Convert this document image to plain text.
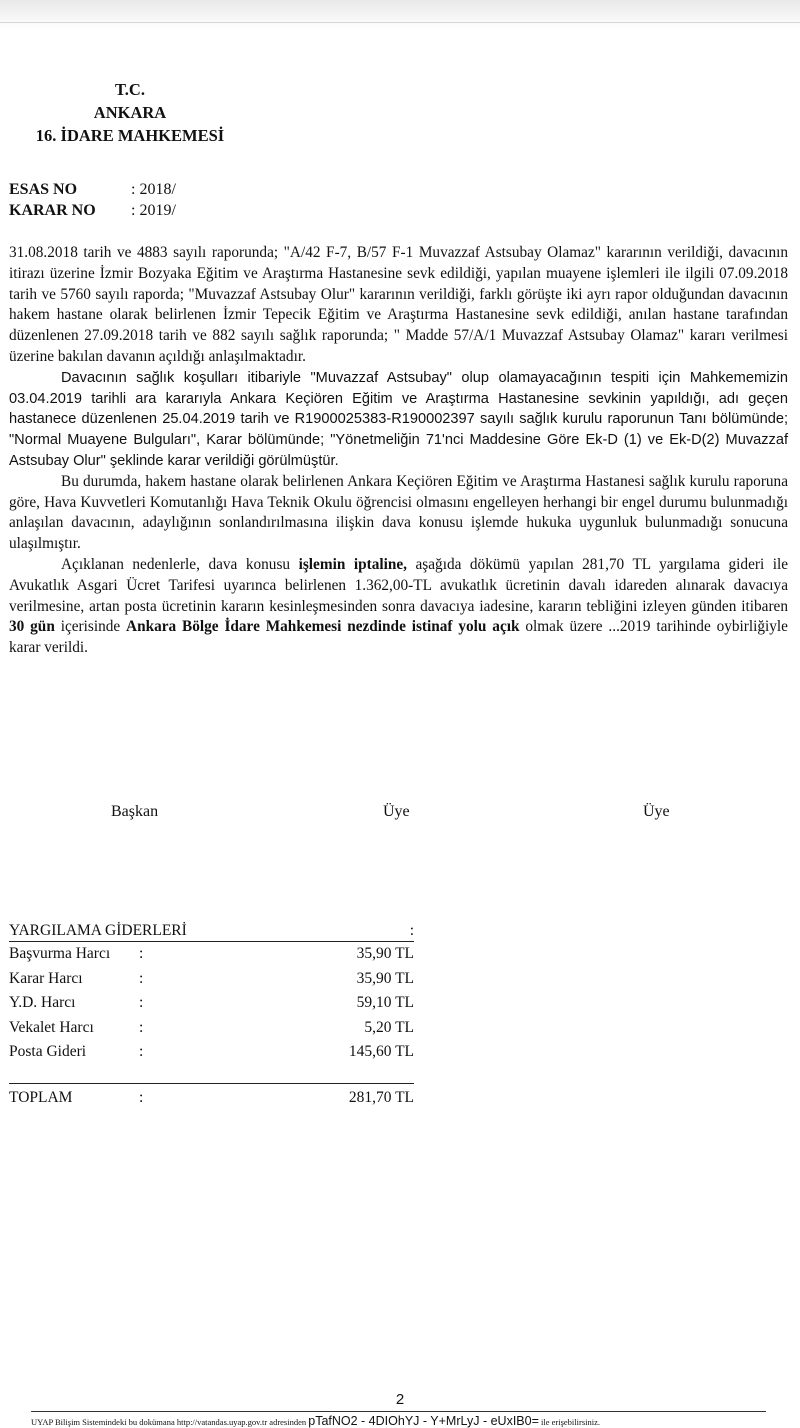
T.C.
ANKARA
16. İDARE MAHKEMESİ
ESAS NO	: 2018/
KARAR NO	: 2019/

31.08.2018 tarih ve 4883 sayılı raporunda; "A/42 F-7, B/57 F-1 Muvazzaf Astsubay Olamaz" kararının verildiği, davacının itirazı üzerine İzmir Bozyaka Eğitim ve Araştırma Hastanesine sevk edildiği, yapılan muayene işlemleri ile ilgili 07.09.2018 tarih ve 5760 sayılı raporda; "Muvazzaf Astsubay Olur" kararının verildiği, farklı görüşte iki ayrı rapor olduğundan davacının hakem hastane olarak belirlenen İzmir Tepecik Eğitim ve Araştırma Hastanesine sevk edildiği, anılan hastane tarafından düzenlenen 27.09.2018 tarih ve 882 sayılı sağlık raporunda; " Madde 57/A/1 Muvazzaf Astsubay Olamaz" kararı verilmesi üzerine bakılan davanın açıldığı anlaşılmaktadır.

Davacının sağlık koşulları itibariyle "Muvazzaf Astsubay" olup olamayacağının tespiti için Mahkememizin 03.04.2019 tarihli ara kararıyla Ankara Keçiören Eğitim ve Araştırma Hastanesine sevkinin yapıldığı, adı geçen hastanece düzenlenen 25.04.2019 tarih ve R1900025383-R190002397 sayılı sağlık kurulu raporunun Tanı bölümünde; "Normal Muayene Bulguları", Karar bölümünde; "Yönetmeliğin 71'nci Maddesine Göre Ek-D (1) ve Ek-D(2) Muvazzaf Astsubay Olur" şeklinde karar verildiği görülmüştür.

Bu durumda, hakem hastane olarak belirlenen Ankara Keçiören Eğitim ve Araştırma Hastanesi sağlık kurulu raporuna göre, Hava Kuvvetleri Komutanlığı Hava Teknik Okulu öğrencisi olmasını engelleyen herhangi bir engel durumu bulunmadığı anlaşılan davacının, adaylığının sonlandırılmasına ilişkin dava konusu işlemde hukuka uygunluk bulunmadığı sonucuna ulaşılmıştır.

Açıklanan nedenlerle, dava konusu işlemin iptaline, aşağıda dökümü yapılan 281,70 TL yargılama gideri ile Avukatlık Asgari Ücret Tarifesi uyarınca belirlenen 1.362,00-TL avukatlık ücretinin davalı idareden alınarak davacıya verilmesine, artan posta ücretinin kararın kesinleşmesinden sonra davacıya iadesine, kararın tebliğini izleyen günden itibaren 30 gün içerisinde Ankara Bölge İdare Mahkemesi nezdinde istinaf yolu açık olmak üzere ...2019 tarihinde oybirliğiyle karar verildi.

Başkan	Üye	Üye
YARGILAMA GİDERLERİ	:
Başvurma Harcı	:	35,90 TL
Karar Harcı	:	35,90 TL
Y.D. Harcı	:	59,10 TL
Vekalet Harcı	:	5,20 TL
Posta Gideri	:	145,60 TL
TOPLAM	:	281,70 TL
2
UYAP Bilişim Sistemindeki bu dokümana http://vatandas.uyap.gov.tr adresinden pTafNO2 - 4DIOhYJ - Y+MrLyJ - eUxIB0= ile erişebilirsiniz.
